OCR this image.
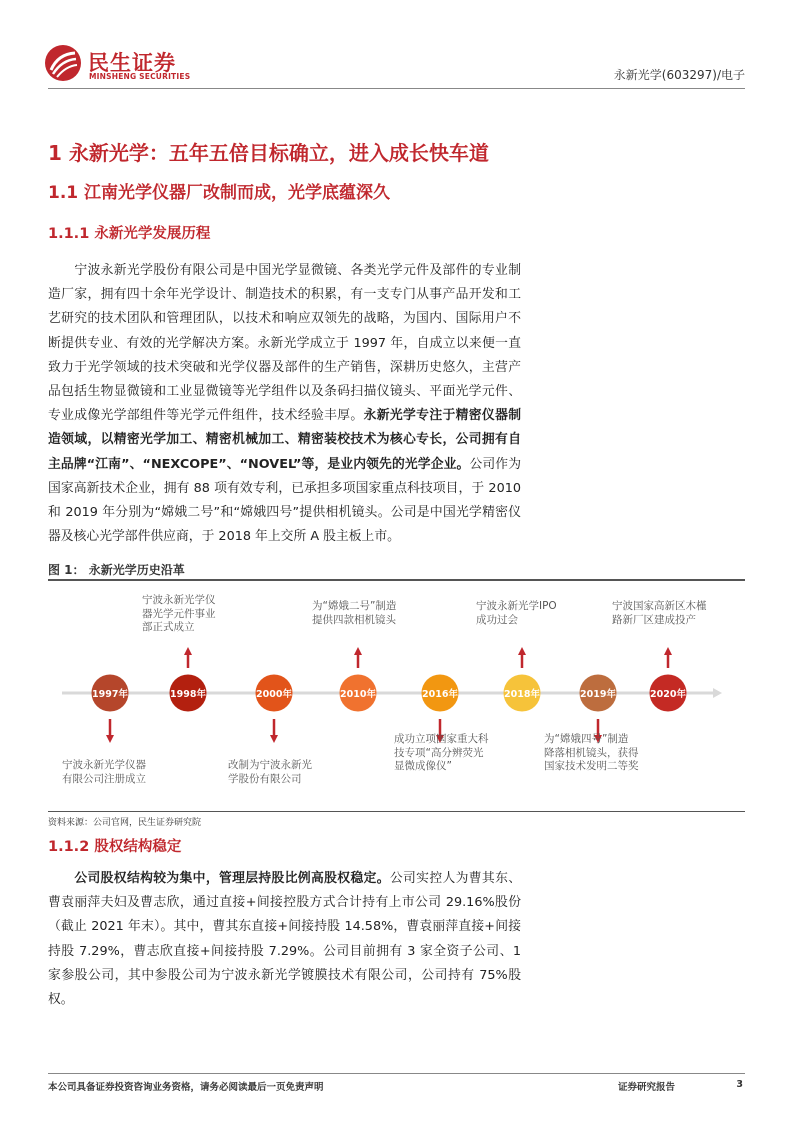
民生证券
MINSHENG SECURITIES	永新光学(603297)/电子
1 永新光学：五年五倍目标确立，进入成长快车道
1.1 江南光学仪器厂改制而成，光学底蕴深久
1.1.1 永新光学发展历程
宁波永新光学股份有限公司是中国光学显微镜、各类光学元件及部件的专业制造厂家，拥有四十余年光学设计、制造技术的积累，有一支专门从事产品开发和工艺研究的技术团队和管理团队，以技术和响应双领先的战略，为国内、国际用户不断提供专业、有效的光学解决方案。永新光学成立于 1997 年，自成立以来便一直致力于光学领域的技术突破和光学仪器及部件的生产销售，深耕历史悠久，主营产品包括生物显微镜和工业显微镜等光学组件以及条码扫描仪镜头、平面光学元件、专业成像光学部组件等光学元件组件，技术经验丰厚。永新光学专注于精密仪器制造领域，以精密光学加工、精密机械加工、精密装校技术为核心专长，公司拥有自主品牌“江南”、“NEXCOPE”、“NOVEL”等，是业内领先的光学企业。公司作为国家高新技术企业，拥有 88 项有效专利，已承担多项国家重点科技项目，于 2010 和 2019 年分别为“嫦娥二号”和“嫦娥四号”提供相机镜头。公司是中国光学精密仪器及核心光学部件供应商，于 2018 年上交所 A 股主板上市。
图 1： 永新光学历史沿革
1997年	1998年	2000年	2010年	2016年	2018年	2019年	2020年
宁波永新光学仪器
有限公司注册成立
宁波永新光学仪
器光学元件事业
部正式成立
改制为宁波永新光
学股份有限公司
为“嫦娥二号”制造
提供四款相机镜头
成功立项国家重大科
技专项“高分辨荧光
显微成像仪”
宁波永新光学IPO
成功过会
为“嫦娥四号”制造
降落相机镜头，获得
国家技术发明二等奖
宁波国家高新区木槿
路新厂区建成投产
资料来源：公司官网，民生证券研究院
1.1.2 股权结构稳定
公司股权结构较为集中，管理层持股比例高股权稳定。公司实控人为曹其东、曹袁丽萍夫妇及曹志欣，通过直接+间接控股方式合计持有上市公司 29.16%股份（截止 2021 年末）。其中，曹其东直接+间接持股 14.58%，曹袁丽萍直接+间接持股 7.29%，曹志欣直接+间接持股 7.29%。公司目前拥有 3 家全资子公司、1 家参股公司，其中参股公司为宁波永新光学镀膜技术有限公司，公司持有 75%股权。
本公司具备证券投资咨询业务资格，请务必阅读最后一页免责声明	证券研究报告	3
